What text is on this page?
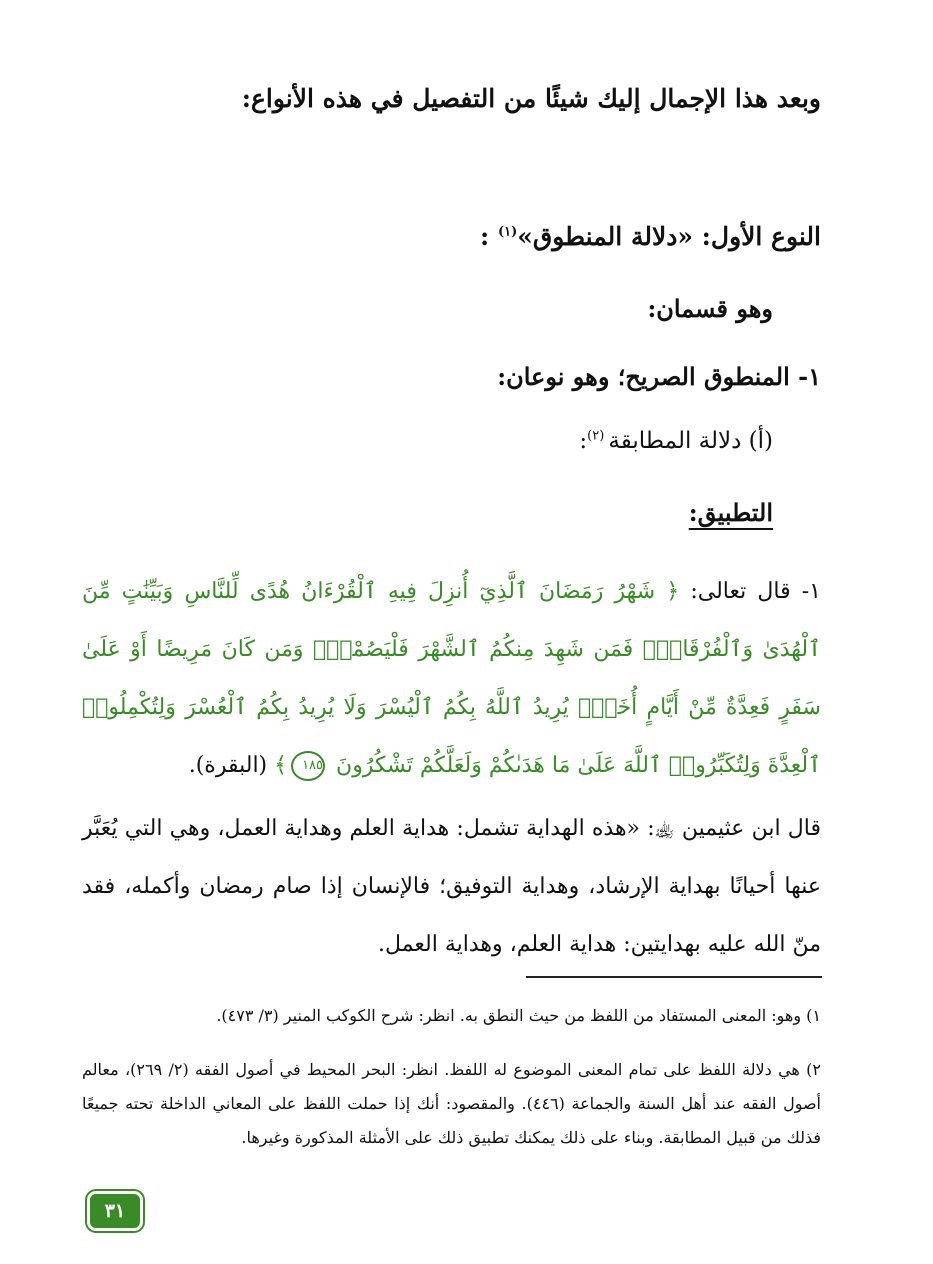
وبعد هذا الإجمال إليك شيئًا من التفصيل في هذه الأنواع:
النوع الأول: «دلالة المنطوق»$^{(١)}$ :
وهو قسمان:
١- المنطوق الصريح؛ وهو نوعان:
(أ) دلالة المطابقة $^{(٢)}$:
التطبيق:
١- قال تعالى: ﴿ شَهْرُ رَمَضَانَ ٱلَّذِيٓ أُنزِلَ فِيهِ ٱلْقُرْءَانُ هُدًى لِّلنَّاسِ وَبَيِّنَٰتٍ مِّنَ ٱلْهُدَىٰ وَٱلْفُرْقَانِۚ فَمَن شَهِدَ مِنكُمُ ٱلشَّهْرَ فَلْيَصُمْهُۖ وَمَن كَانَ مَرِيضًا أَوْ عَلَىٰ سَفَرٍ فَعِدَّةٌ مِّنْ أَيَّامٍ أُخَرَۗ يُرِيدُ ٱللَّهُ بِكُمُ ٱلْيُسْرَ وَلَا يُرِيدُ بِكُمُ ٱلْعُسْرَ وَلِتُكْمِلُوا۟ ٱلْعِدَّةَ وَلِتُكَبِّرُوا۟ ٱللَّهَ عَلَىٰ مَا هَدَىٰكُمْ وَلَعَلَّكُمْ تَشْكُرُونَ ١٨٥﴾ (البقرة).
قال ابن عثيمين ﵀: «هذه الهداية تشمل: هداية العلم وهداية العمل، وهي التي يُعَبَّر عنها أحيانًا بهداية الإرشاد، وهداية التوفيق؛ فالإنسان إذا صام رمضان وأكمله، فقد منّ الله عليه بهدايتين: هداية العلم، وهداية العمل.
١) وهو: المعنى المستفاد من اللفظ من حيث النطق به. انظر: شرح الكوكب المنير (٣/ ٤٧٣).
٢) هي دلالة اللفظ على تمام المعنى الموضوع له اللفظ. انظر: البحر المحيط في أصول الفقه (٢/ ٢٦٩)، معالم أصول الفقه عند أهل السنة والجماعة (٤٤٦). والمقصود: أنك إذا حملت اللفظ على المعاني الداخلة تحته جميعًا فذلك من قبيل المطابقة. وبناء على ذلك يمكنك تطبيق ذلك على الأمثلة المذكورة وغيرها.
٣١
